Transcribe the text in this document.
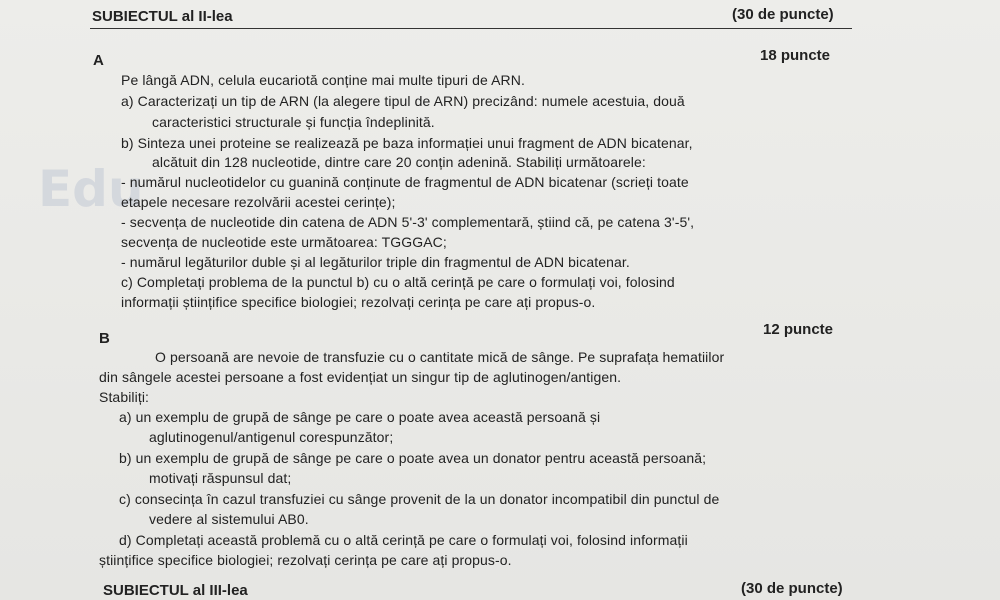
Edu
SUBIECTUL al II-lea	(30 de puncte)
A	18 puncte
Pe lângă ADN, celula eucariotă conține mai multe tipuri de ARN.
a) Caracterizați un tip de ARN (la alegere tipul de ARN) precizând: numele acestuia, două
caracteristici structurale și funcția îndeplinită.
b) Sinteza unei proteine se realizează pe baza informației unui fragment de ADN bicatenar,
alcătuit din 128 nucleotide, dintre care 20 conțin adenină. Stabiliți următoarele:
- numărul nucleotidelor cu guanină conținute de fragmentul de ADN bicatenar (scrieți toate
etapele necesare rezolvării acestei cerințe);
- secvența de nucleotide din catena de ADN 5'-3' complementară, știind că, pe catena 3'-5',
secvența de nucleotide este următoarea: TGGGAC;
- numărul legăturilor duble și al legăturilor triple din fragmentul de ADN bicatenar.
c) Completați problema de la punctul b) cu o altă cerință pe care o formulați voi, folosind
informații științifice specifice biologiei; rezolvați cerința pe care ați propus-o.
B
12 puncte
O persoană are nevoie de transfuzie cu o cantitate mică de sânge. Pe suprafața hematiilor
din sângele acestei persoane a fost evidențiat un singur tip de aglutinogen/antigen.
Stabiliți:
a) un exemplu de grupă de sânge pe care o poate avea această persoană și
aglutinogenul/antigenul corespunzător;
b) un exemplu de grupă de sânge pe care o poate avea un donator pentru această persoană;
motivați răspunsul dat;
c) consecința în cazul transfuziei cu sânge provenit de la un donator incompatibil din punctul de
vedere al sistemului AB0.
d) Completați această problemă cu o altă cerință pe care o formulați voi, folosind informații
științifice specifice biologiei; rezolvați cerința pe care ați propus-o.
SUBIECTUL al III-lea	(30 de puncte)
